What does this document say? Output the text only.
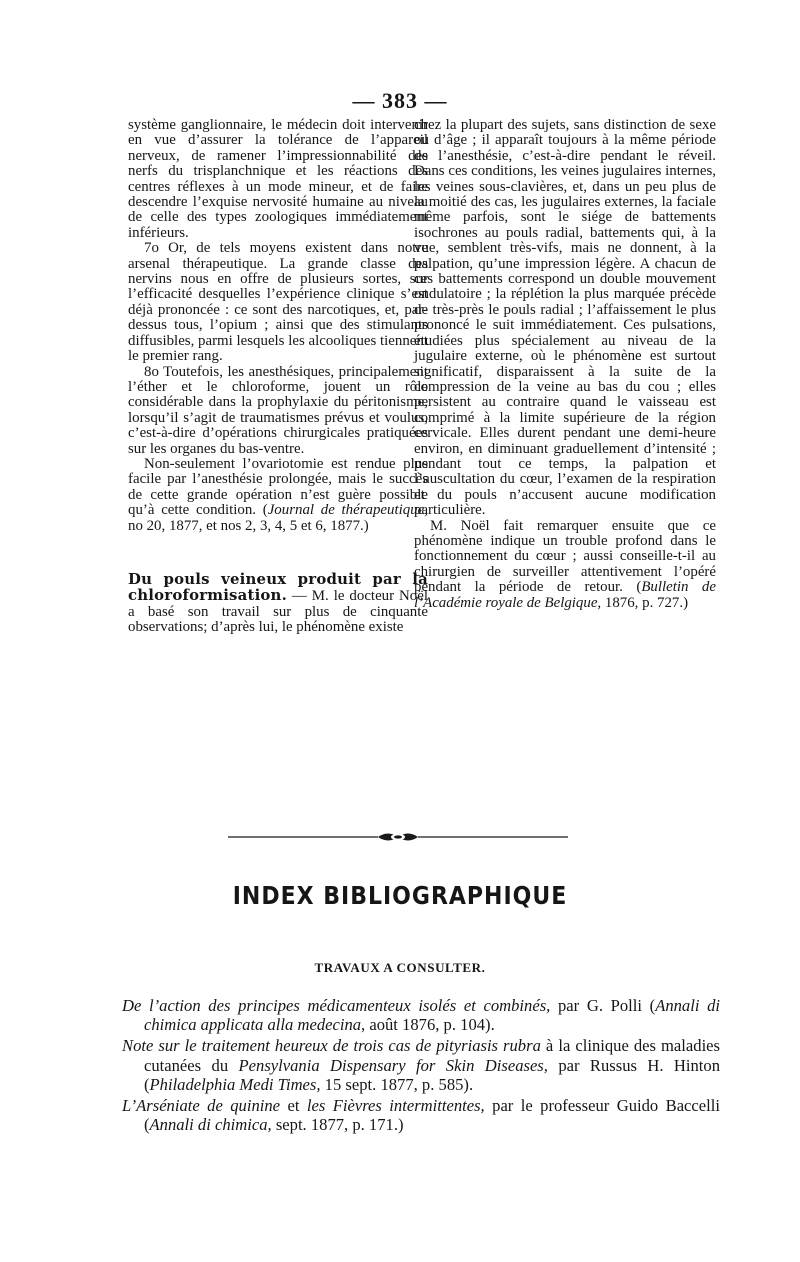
— 383 —

système ganglionnaire, le médecin doit intervenir en vue d’assurer la tolérance de l’appareil nerveux, de ramener l’impressionnabilité des nerfs du trisplanchnique et les réactions des centres réflexes à un mode mineur, et de faire descendre l’exquise nervosité humaine au niveau de celle des types zoologiques immédiatement inférieurs.

7o Or, de tels moyens existent dans notre arsenal thérapeutique. La grande classe des nervins nous en offre de plusieurs sortes, sur l’efficacité desquelles l’expérience clinique s’est déjà prononcée : ce sont des narcotiques, et, par-dessus tous, l’opium ; ainsi que des stimulants diffusibles, parmi lesquels les alcooliques tiennent le premier rang.

8o Toutefois, les anesthésiques, principalement l’éther et le chloroforme, jouent un rôle considérable dans la prophylaxie du péritonisme, lorsqu’il s’agit de traumatismes prévus et voulus, c’est-à-dire d’opérations chirurgicales pratiquées sur les organes du bas-ventre.

Non-seulement l’ovariotomie est rendue plus facile par l’anesthésie prolongée, mais le succès de cette grande opération n’est guère possible qu’à cette condition. (Journal de thérapeutique, no 20, 1877, et nos 2, 3, 4, 5 et 6, 1877.)

Du pouls veineux produit par la chloroformisation. — M. le docteur Noël a basé son travail sur plus de cinquante observations; d’après lui, le phénomène existe

chez la plupart des sujets, sans distinction de sexe ou d’âge ; il apparaît toujours à la même période de l’anesthésie, c’est-à-dire pendant le réveil. Dans ces conditions, les veines jugulaires internes, les veines sous-clavières, et, dans un peu plus de la moitié des cas, les jugulaires externes, la faciale même parfois, sont le siége de battements isochrones au pouls radial, battements qui, à la vue, semblent très-vifs, mais ne donnent, à la palpation, qu’une impression légère. A chacun de ces battements correspond un double mouvement ondulatoire ; la réplétion la plus marquée précède de très-près le pouls radial ; l’affaissement le plus prononcé le suit immédiatement. Ces pulsations, étudiées plus spécialement au niveau de la jugulaire externe, où le phénomène est surtout significatif, disparaissent à la suite de la compression de la veine au bas du cou ; elles persistent au contraire quand le vaisseau est comprimé à la limite supérieure de la région cervicale. Elles durent pendant une demi-heure environ, en diminuant graduellement d’intensité ; pendant tout ce temps, la palpation et l’auscultation du cœur, l’examen de la respiration et du pouls n’accusent aucune modification particulière.

M. Noël fait remarquer ensuite que ce phénomène indique un trouble profond dans le fonctionnement du cœur ; aussi conseille-t-il au chirurgien de surveiller attentivement l’opéré pendant la période de retour. (Bulletin de l’Académie royale de Belgique, 1876, p. 727.)

INDEX BIBLIOGRAPHIQUE
TRAVAUX A CONSULTER.

De l’action des principes médicamenteux isolés et combinés, par G. Polli (Annali di chimica applicata alla medecina, août 1876, p. 104).

Note sur le traitement heureux de trois cas de pityriasis rubra à la clinique des maladies cutanées du Pensylvania Dispensary for Skin Diseases, par Russus H. Hinton (Philadelphia Medi Times, 15 sept. 1877, p. 585).

L’Arséniate de quinine et les Fièvres intermittentes, par le professeur Guido Baccelli (Annali di chimica, sept. 1877, p. 171.)
